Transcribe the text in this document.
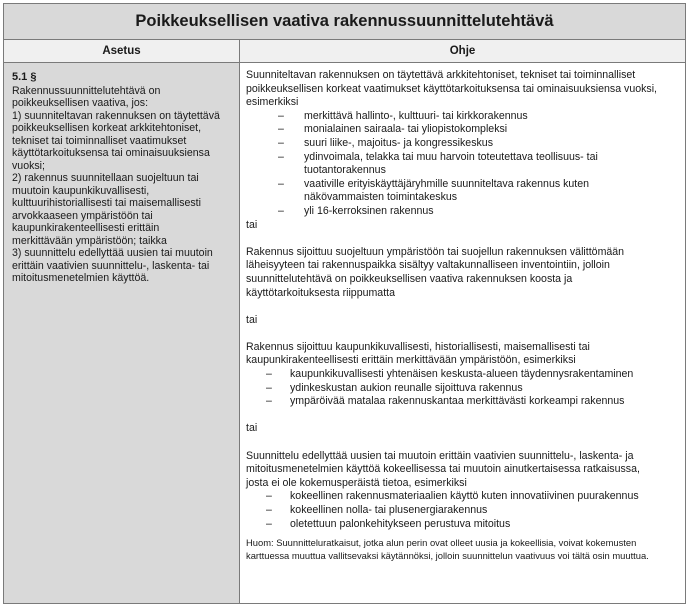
Poikkeuksellisen vaativa rakennussuunnittelutehtävä
Asetus	Ohje
5.1 §
Rakennussuunnittelutehtävä on
poikkeuksellisen vaativa, jos:
1) suunniteltavan rakennuksen on täytettävä
poikkeuksellisen korkeat arkkitehtoniset,
tekniset tai toiminnalliset vaatimukset
käyttötarkoituksensa tai ominaisuuksiensa
vuoksi;
2) rakennus suunnitellaan suojeltuun tai
muutoin kaupunkikuvallisesti,
kulttuurihistoriallisesti tai maisemallisesti
arvokkaaseen ympäristöön tai
kaupunkirakenteellisesti erittäin
merkittävään ympäristöön; taikka
3) suunnittelu edellyttää uusien tai muutoin
erittäin vaativien suunnittelu-, laskenta- tai
mitoitusmenetelmien käyttöä.

Suunniteltavan rakennuksen on täytettävä arkkitehtoniset, tekniset tai toiminnalliset
poikkeuksellisen korkeat vaatimukset käyttötarkoituksensa tai ominaisuuksiensa vuoksi,
esimerkiksi

– merkittävä hallinto-, kulttuuri- tai kirkkorakennus
– monialainen sairaala- tai yliopistokompleksi
– suuri liike-, majoitus- ja kongressikeskus
– ydinvoimala, telakka tai muu harvoin toteutettava teollisuus- tai
tuotantorakennus
– vaativille erityiskäyttäjäryhmille suunniteltava rakennus kuten
näkövammaisten toimintakeskus
– yli 16-kerroksinen rakennus

tai

Rakennus sijoittuu suojeltuun ympäristöön tai suojellun rakennuksen välittömään
läheisyyteen tai rakennuspaikka sisältyy valtakunnalliseen inventointiin, jolloin
suunnittelutehtävä on poikkeuksellisen vaativa rakennuksen koosta ja
käyttötarkoituksesta riippumatta

tai

Rakennus sijoittuu kaupunkikuvallisesti, historiallisesti, maisemallisesti tai
kaupunkirakenteellisesti erittäin merkittävään ympäristöön, esimerkiksi

– kaupunkikuvallisesti yhtenäisen keskusta-alueen täydennysrakentaminen
– ydinkeskustan aukion reunalle sijoittuva rakennus
– ympäröivää matalaa rakennuskantaa merkittävästi korkeampi rakennus

tai

Suunnittelu edellyttää uusien tai muutoin erittäin vaativien suunnittelu-, laskenta- ja
mitoitusmenetelmien käyttöä kokeellisessa tai muutoin ainutkertaisessa ratkaisussa,
josta ei ole kokemusperäistä tietoa, esimerkiksi

– kokeellinen rakennusmateriaalien käyttö kuten innovatiivinen puurakennus
– kokeellinen nolla- tai plusenergiarakennus
– oletettuun palonkehitykseen perustuva mitoitus
Huom: Suunnitteluratkaisut, jotka alun perin ovat olleet uusia ja kokeellisia, voivat kokemusten
karttuessa muuttua vallitsevaksi käytännöksi, jolloin suunnittelun vaativuus voi tältä osin muuttua.
